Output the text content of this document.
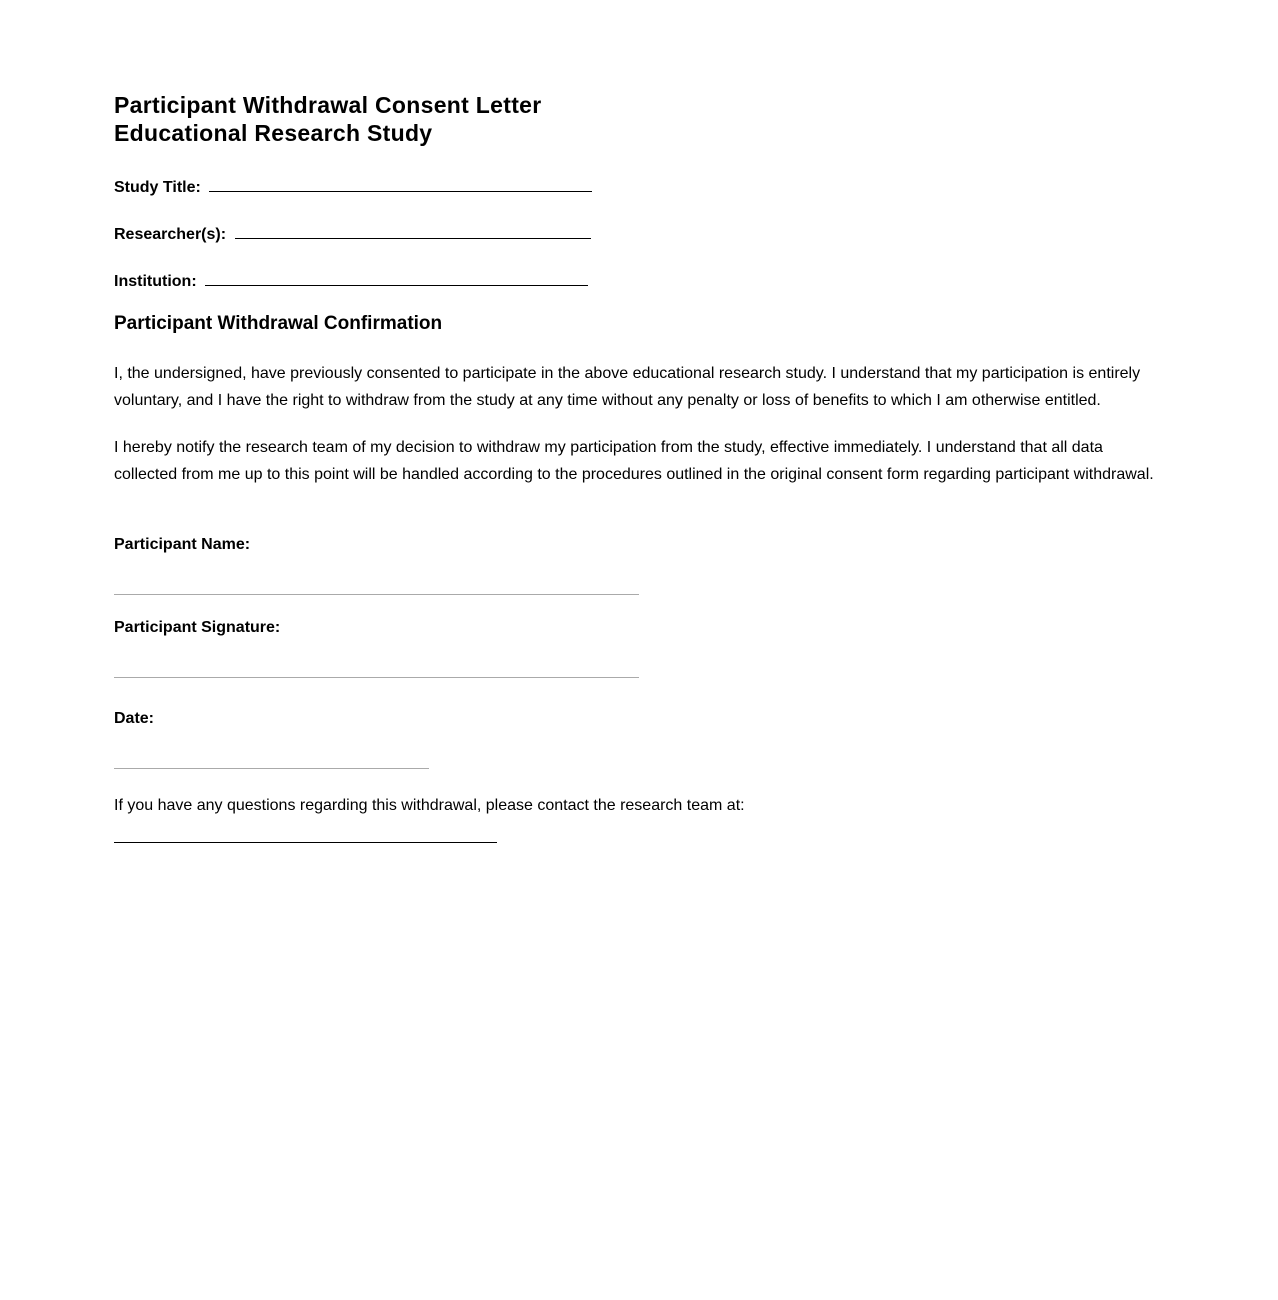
Participant Withdrawal Consent Letter
Educational Research Study
Study Title:
Researcher(s):
Institution:
Participant Withdrawal Confirmation

I, the undersigned, have previously consented to participate in the above educational research study. I understand that my participation is entirely voluntary, and I have the right to withdraw from the study at any time without any penalty or loss of benefits to which I am otherwise entitled.

I hereby notify the research team of my decision to withdraw my participation from the study, effective immediately. I understand that all data collected from me up to this point will be handled according to the procedures outlined in the original consent form regarding participant withdrawal.

Participant Name:
Participant Signature:
Date:
If you have any questions regarding this withdrawal, please contact the research team at:
